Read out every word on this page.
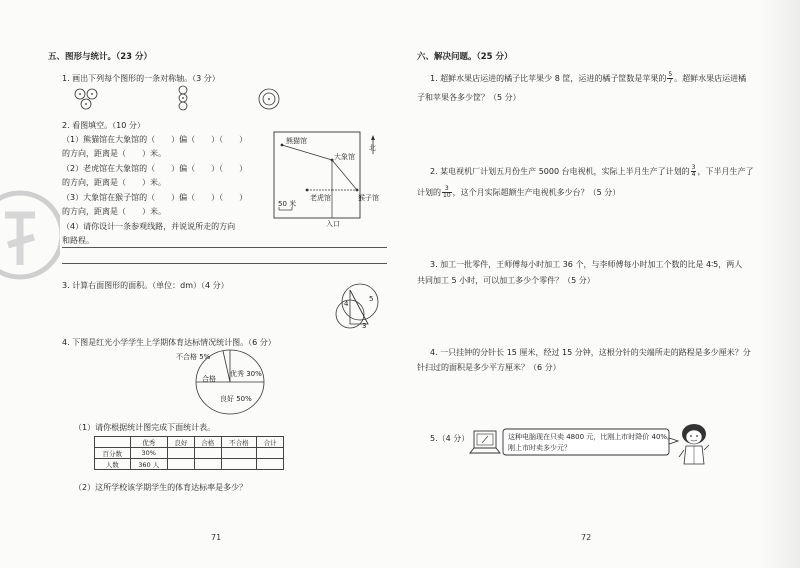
五、图形与统计。（23 分）
1. 画出下列每个图形的一条对称轴。（3 分）
2. 看图填空。（10 分）
（1）熊猫馆在大象馆的（　　）偏（　　）（　　）
的方向，距离是（　　）米。
（2）老虎馆在大象馆的（　　）偏（　　）（　　）
的方向，距离是（　　）米。
（3）大象馆在猴子馆的（　　）偏（　　）（　　）
的方向，距离是（　　）米。
（4）请你设计一条参观线路，并说说所走的方向
和路程。
熊猫馆
大象馆
老虎馆	猴子馆
北
50 米
入口
3. 计算右面图形的面积。（单位：dm）（4 分）
4
5
3
4. 下图是红光小学学生上学期体育达标情况统计图。（6 分）
不合格 5%
合格
优秀 30%
良好 50%
（1）请你根据统计图完成下面统计表。
	优秀	良好	合格	不合格	合计
百分数	30%				
人数	360 人				
（2）这所学校该学期学生的体育达标率是多少？
71
六、解决问题。（25 分）
1. 超鲜水果店运进的橘子比苹果少 8 筐，运进的橘子筐数是苹果的 $\frac{5}{7}$ 。超鲜水果店运进橘
子和苹果各多少筐？（5 分）
2. 某电视机厂计划五月份生产 5000 台电视机，实际上半月生产了计划的 $\frac{3}{4}$ ，下半月生产了
计划的 $\frac{3}{10}$ ，这个月实际超额生产电视机多少台？（5 分）
3. 加工一批零件，王师傅每小时加工 36 个，与李师傅每小时加工个数的比是 4∶5，两人
共同加工 5 小时，可以加工多少个零件？（5 分）
4. 一只挂钟的分针长 15 厘米，经过 15 分钟，这根分针的尖端所走的路程是多少厘米？分
针扫过的面积是多少平方厘米？（6 分）
5.（4 分）	这种电脑现在只卖 4800 元，比刚上市时降价 40%。
刚上市时卖多少元？
72
